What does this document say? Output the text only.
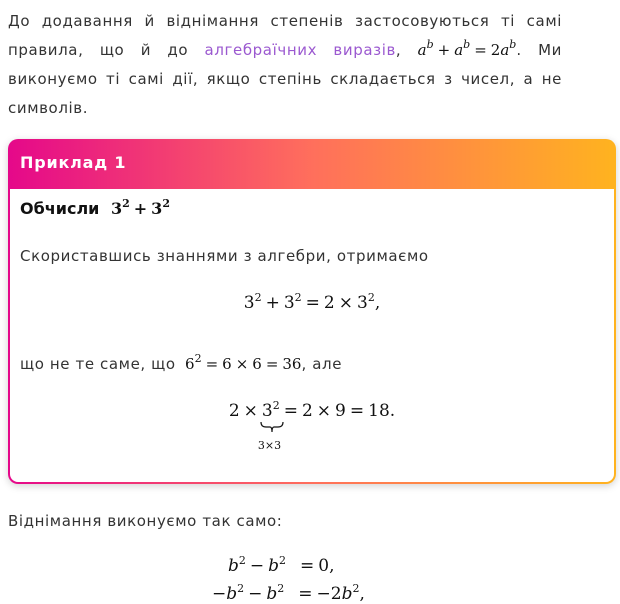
До додавання й віднімання степенів застосовуються ті самі правила, що й до алгебраїчних виразів, $a^b + a^b = 2a^b$. Ми виконуємо ті самі дії, якщо степінь складається з чисел, а не символів.

Приклад 1
Обчисли $3^2 + 3^2$
Скориставшись знаннями з алгебри, отримаємо
$3^2 + 3^2 = 2 \times 3^2$,
що не те саме, що $6^2 = 6 \times 6 = 36$, але
$2 \times 3^2$
3×3
= 2 × 9 = 18.

Віднімання виконуємо так само:

$b^2 - b^2 = 0$,
$-b^2 - b^2 = -2b^2$,
